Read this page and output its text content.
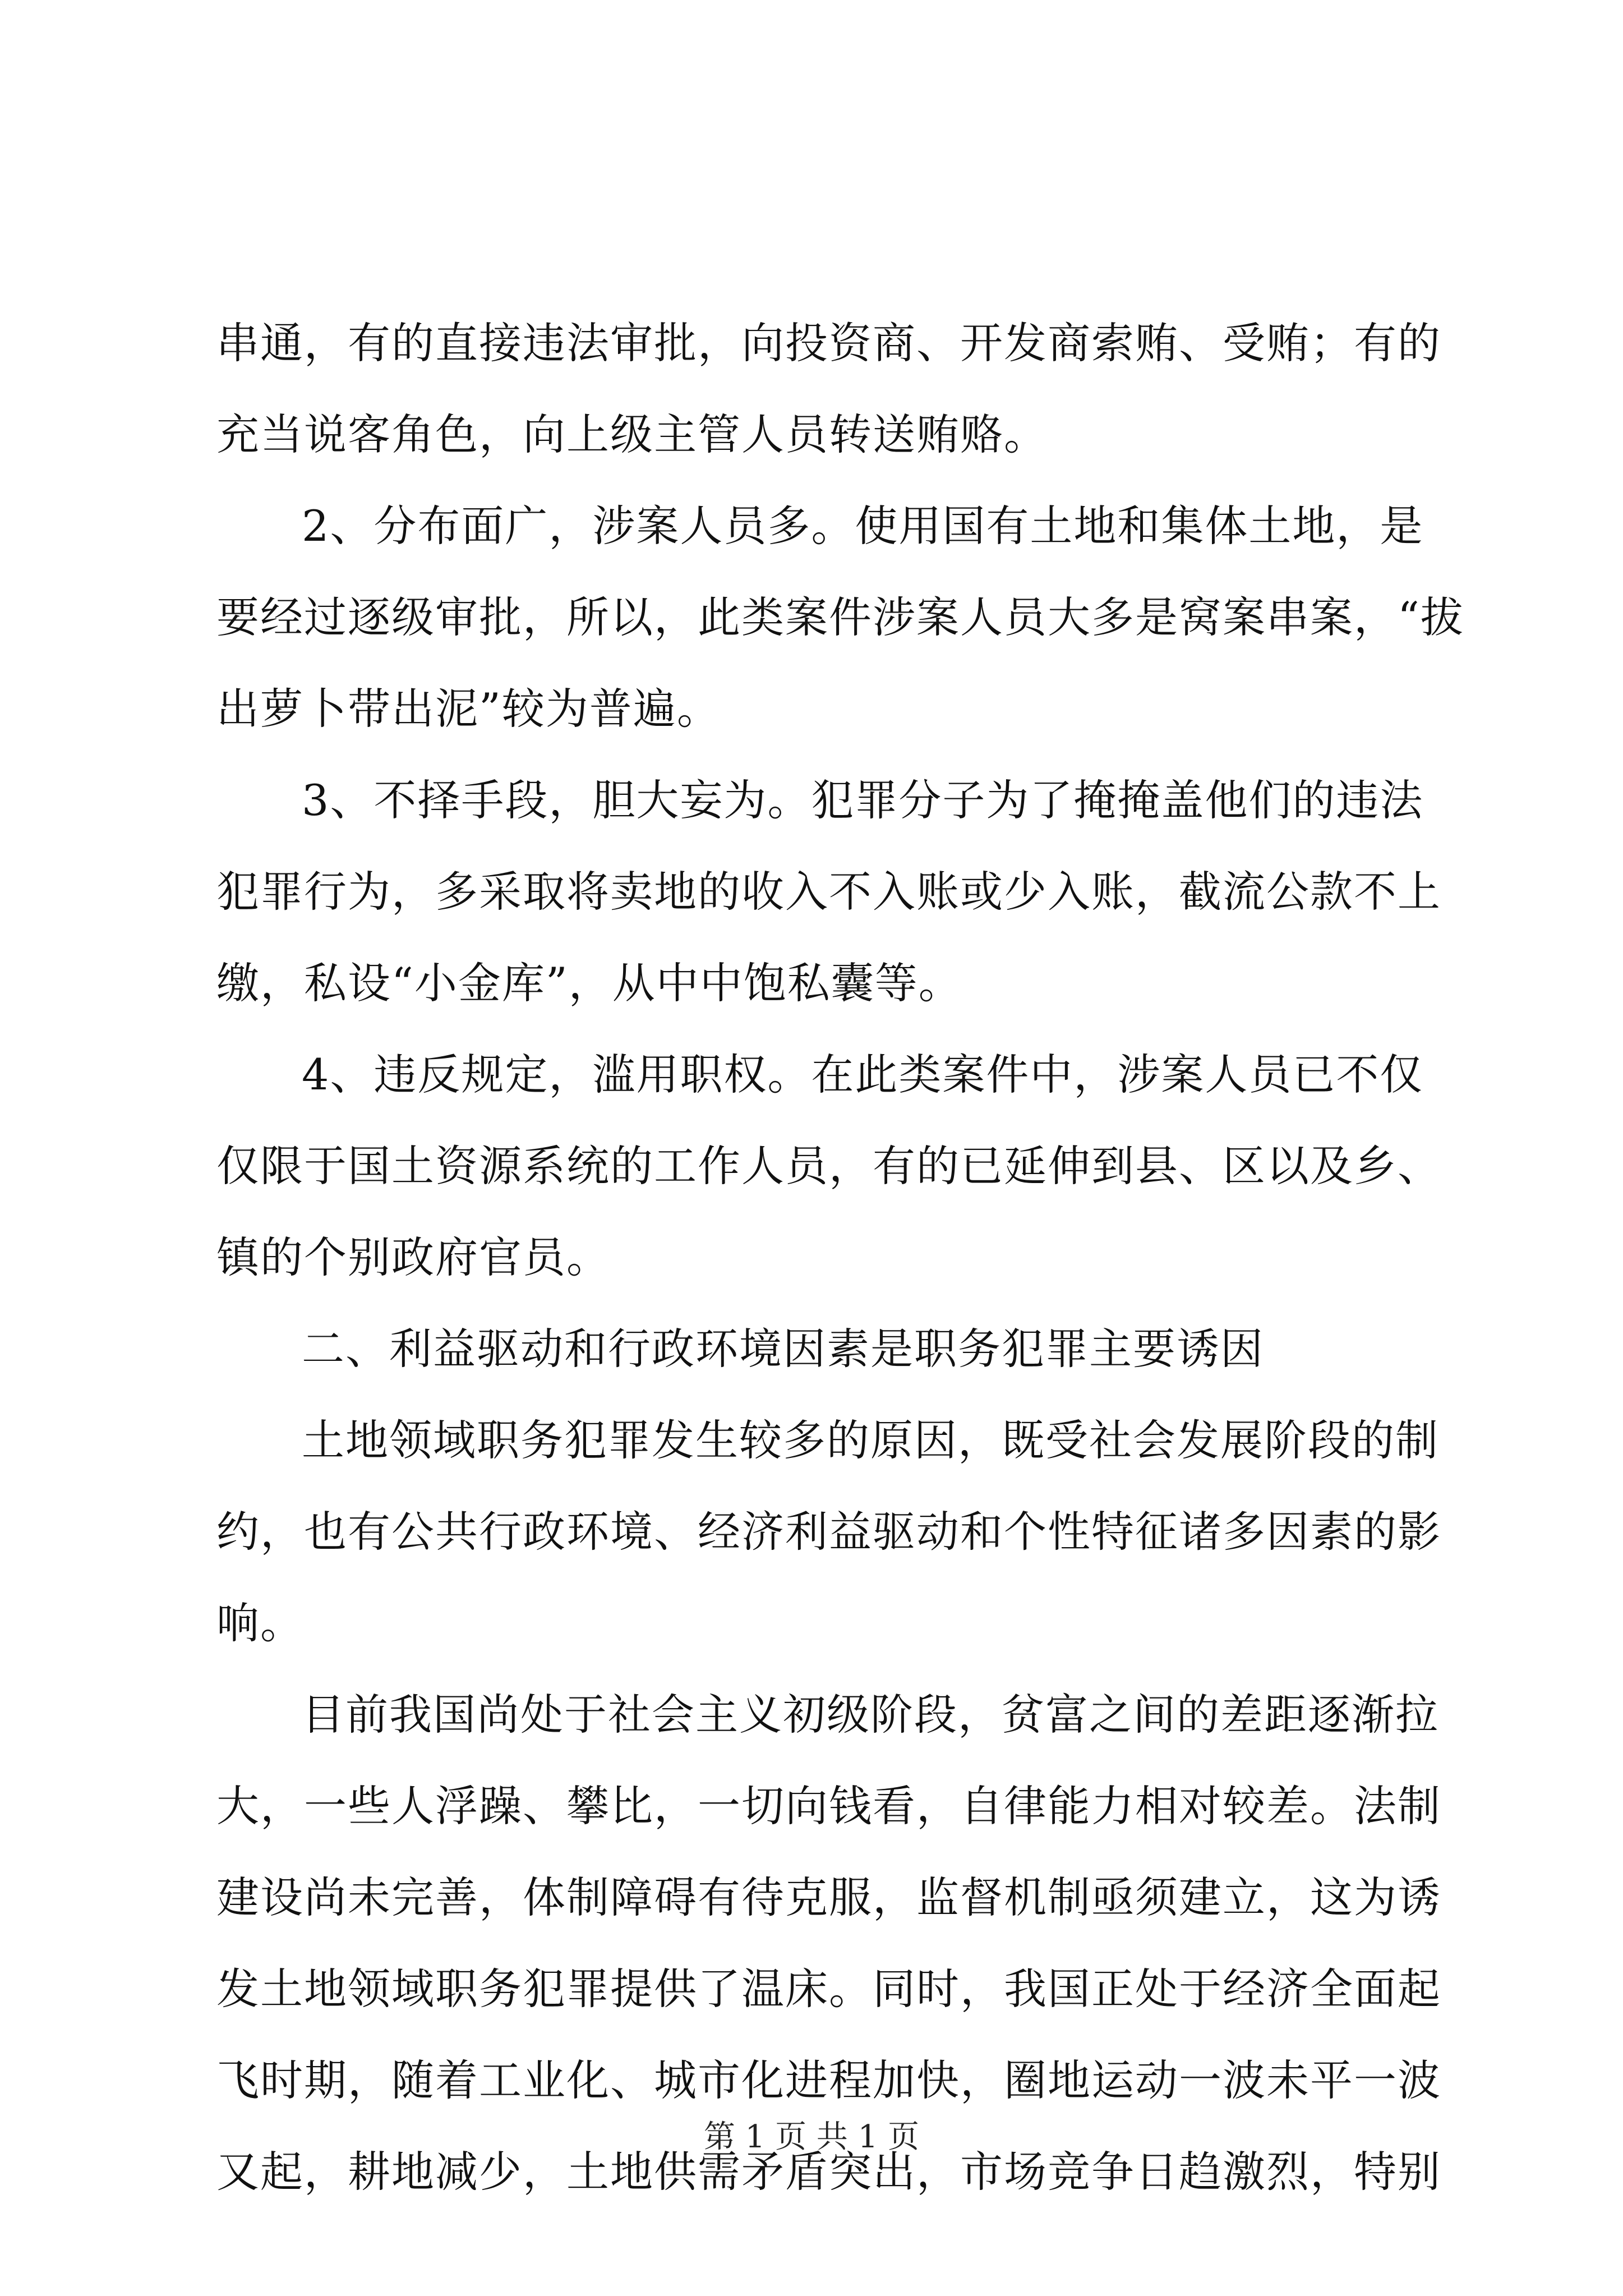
串通，有的直接违法审批，向投资商、开发商索贿、受贿；有的
充当说客角色，向上级主管人员转送贿赂。
2、分布面广，涉案人员多。使用国有土地和集体土地，是
要经过逐级审批，所以，此类案件涉案人员大多是窝案串案，“拔
出萝卜带出泥”较为普遍。
3、不择手段，胆大妄为。犯罪分子为了掩掩盖他们的违法
犯罪行为，多采取将卖地的收入不入账或少入账，截流公款不上
缴，私设“小金库”，从中中饱私囊等。
4、违反规定，滥用职权。在此类案件中，涉案人员已不仅
仅限于国土资源系统的工作人员，有的已延伸到县、区以及乡、
镇的个别政府官员。
二、利益驱动和行政环境因素是职务犯罪主要诱因
土地领域职务犯罪发生较多的原因，既受社会发展阶段的制
约，也有公共行政环境、经济利益驱动和个性特征诸多因素的影
响。
目前我国尚处于社会主义初级阶段，贫富之间的差距逐渐拉
大，一些人浮躁、攀比，一切向钱看，自律能力相对较差。法制
建设尚未完善，体制障碍有待克服，监督机制亟须建立，这为诱
发土地领域职务犯罪提供了温床。同时，我国正处于经济全面起
飞时期，随着工业化、城市化进程加快，圈地运动一波未平一波
又起，耕地减少，土地供需矛盾突出，市场竞争日趋激烈，特别
第 1 页 共 1 页
